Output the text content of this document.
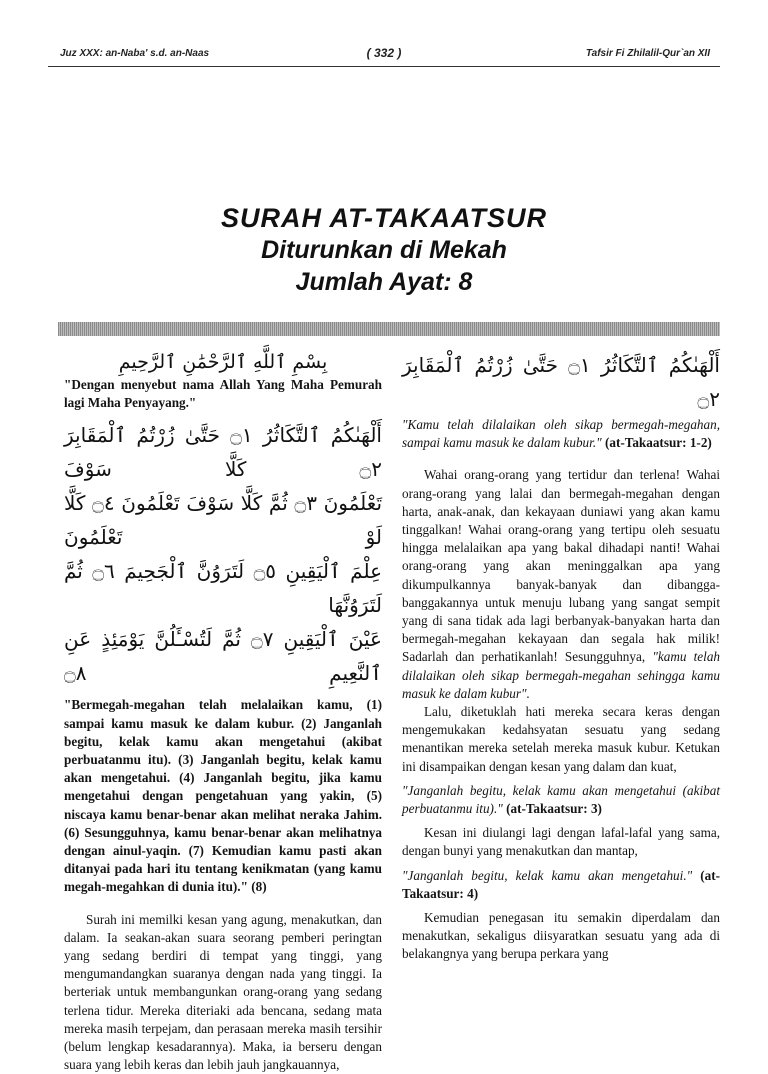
Juz XXX: an-Naba' s.d. an-Naas	( 332 )	Tafsir Fi Zhilalil-Qur`an XII
SURAH AT-TAKAATSUR
Diturunkan di Mekah
Jumlah Ayat: 8
بِسْمِ ٱللَّهِ ٱلرَّحْمَٰنِ ٱلرَّحِيمِ

"Dengan menyebut nama Allah Yang Maha Pemurah lagi Maha Penyayang."

أَلْهَىٰكُمُ ٱلتَّكَاثُرُ ۝١ حَتَّىٰ زُرْتُمُ ٱلْمَقَابِرَ ۝٢ كَلَّا سَوْفَ
تَعْلَمُونَ ۝٣ ثُمَّ كَلَّا سَوْفَ تَعْلَمُونَ ۝٤ كَلَّا لَوْ تَعْلَمُونَ
عِلْمَ ٱلْيَقِينِ ۝٥ لَتَرَوُنَّ ٱلْجَحِيمَ ۝٦ ثُمَّ لَتَرَوُنَّهَا
عَيْنَ ٱلْيَقِينِ ۝٧ ثُمَّ لَتُسْـَٔلُنَّ يَوْمَئِذٍ عَنِ ٱلنَّعِيمِ ۝٨

"Bermegah-megahan telah melalaikan kamu, (1) sampai kamu masuk ke dalam kubur. (2) Janganlah begitu, kelak kamu akan mengetahui (akibat perbuatanmu itu). (3) Janganlah begitu, kelak kamu akan mengetahui. (4) Janganlah begitu, jika kamu mengetahui dengan pengetahuan yang yakin, (5) niscaya kamu benar-benar akan melihat neraka Jahim. (6) Sesungguhnya, kamu benar-benar akan melihatnya dengan ainul-yaqin. (7) Kemudian kamu pasti akan ditanyai pada hari itu tentang kenikmatan (yang kamu megah-megahkan di dunia itu)." (8)

Surah ini memilki kesan yang agung, menakutkan, dan dalam. Ia seakan-akan suara seorang pemberi peringtan yang sedang berdiri di tempat yang tinggi, yang mengumandangkan suaranya dengan nada yang tinggi. Ia berteriak untuk membangunkan orang-orang yang sedang terlena tidur. Mereka diteriaki ada bencana, sedang mata mereka masih terpejam, dan perasaan mereka masih tersihir (belum lengkap kesadarannya). Maka, ia berseru dengan suara yang lebih keras dan lebih jauh jangkauannya,

أَلْهَىٰكُمُ ٱلتَّكَاثُرُ ۝١ حَتَّىٰ زُرْتُمُ ٱلْمَقَابِرَ ۝٢

"Kamu telah dilalaikan oleh sikap bermegah-megahan, sampai kamu masuk ke dalam kubur." (at-Takaatsur: 1-2)

Wahai orang-orang yang tertidur dan terlena! Wahai orang-orang yang lalai dan bermegah-megahan dengan harta, anak-anak, dan kekayaan duniawi yang akan kamu tinggalkan! Wahai orang-orang yang tertipu oleh sesuatu hingga melalaikan apa yang bakal dihadapi nanti! Wahai orang-orang yang akan meninggalkan apa yang dikumpulkannya banyak-banyak dan dibangga-banggakannya untuk menuju lubang yang sangat sempit yang di sana tidak ada lagi berbanyak-banyakan harta dan bermegah-megahan kekayaan dan segala hak milik! Sadarlah dan perhatikanlah! Sesungguhnya, "kamu telah dilalaikan oleh sikap bermegah-megahan sehingga kamu masuk ke dalam kubur".

Lalu, diketuklah hati mereka secara keras dengan mengemukakan kedahsyatan sesuatu yang sedang menantikan mereka setelah mereka masuk kubur. Ketukan ini disampaikan dengan kesan yang dalam dan kuat,

"Janganlah begitu, kelak kamu akan mengetahui (akibat perbuatanmu itu)." (at-Takaatsur: 3)

Kesan ini diulangi lagi dengan lafal-lafal yang sama, dengan bunyi yang menakutkan dan mantap,

"Janganlah begitu, kelak kamu akan mengetahui." (at-Takaatsur: 4)

Kemudian penegasan itu semakin diperdalam dan menakutkan, sekaligus diisyaratkan sesuatu yang ada di belakangnya yang berupa perkara yang
